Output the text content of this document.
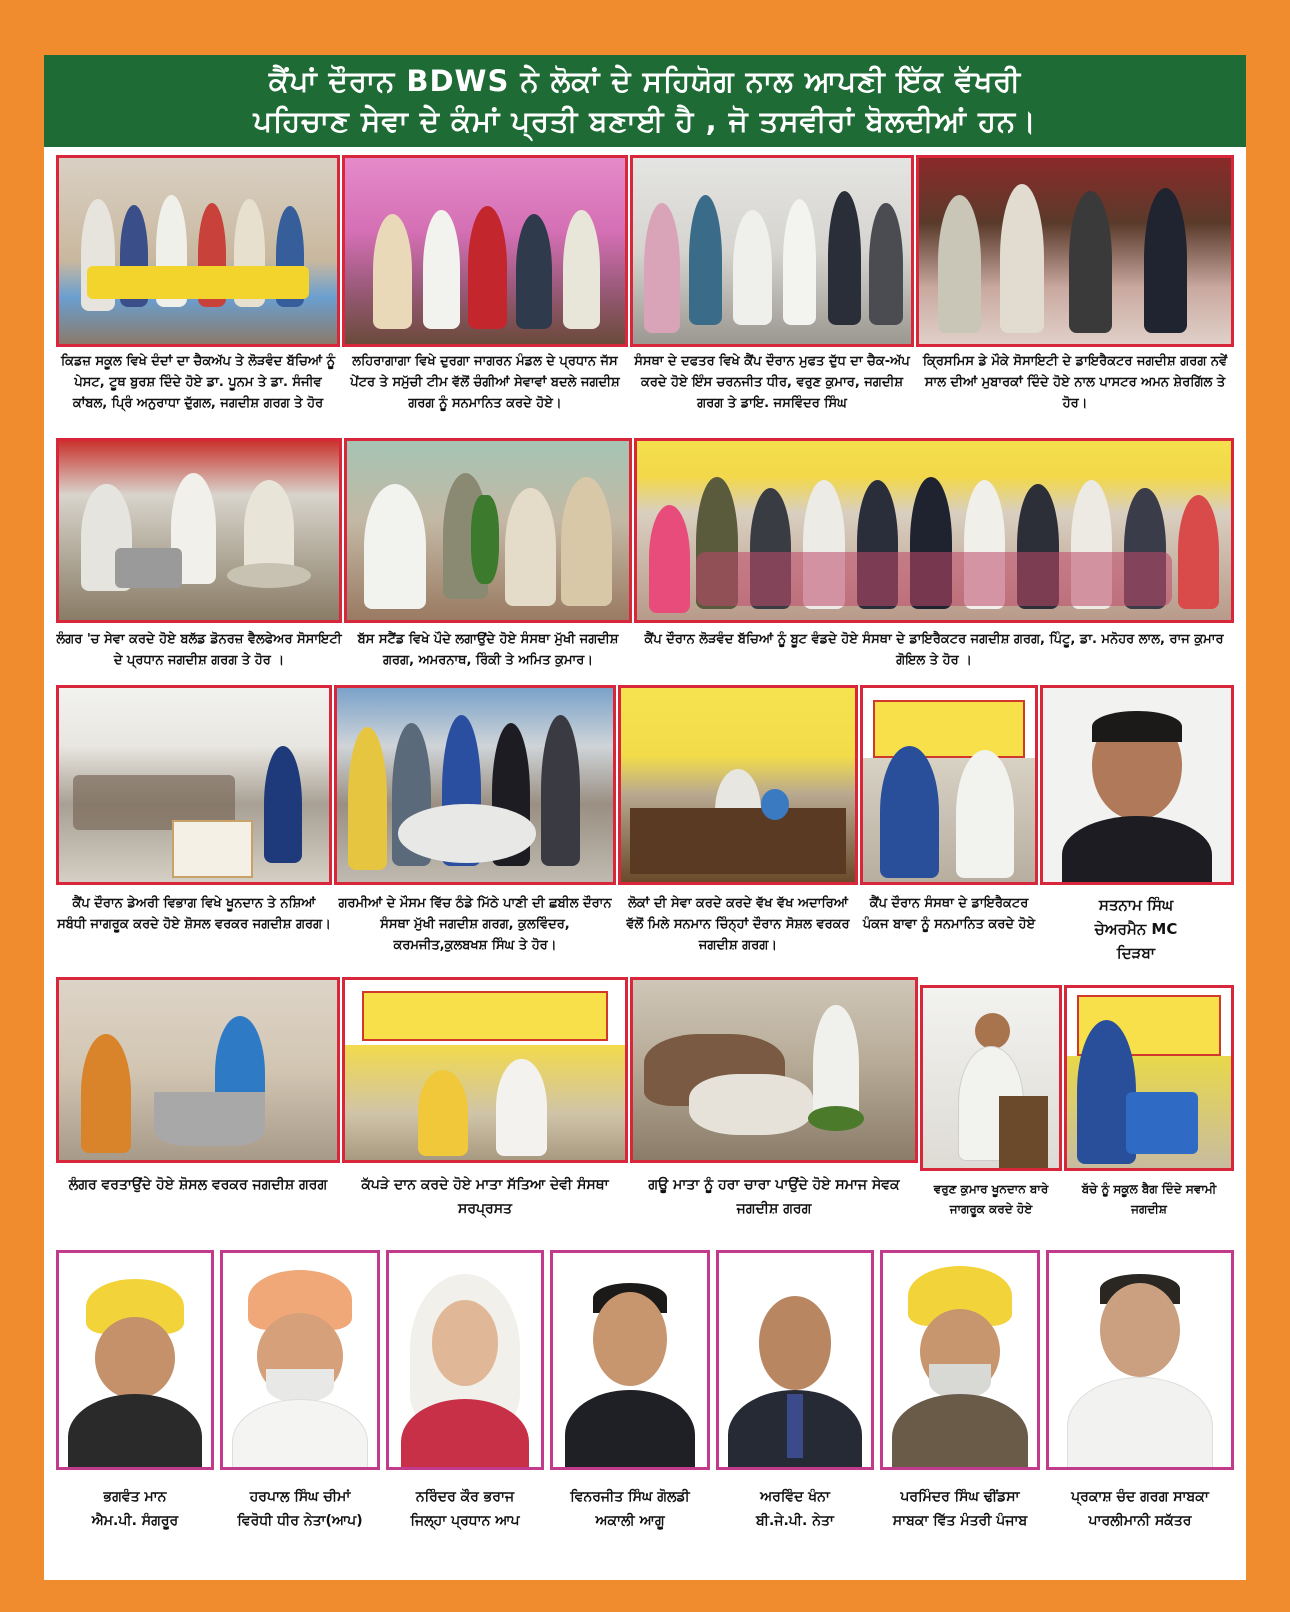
ਕੈਂਪਾਂ ਦੌਰਾਨ BDWS ਨੇ ਲੋਕਾਂ ਦੇ ਸਹਿਯੋਗ ਨਾਲ ਆਪਣੀ ਇੱਕ ਵੱਖਰੀ
ਪਹਿਚਾਣ ਸੇਵਾ ਦੇ ਕੰਮਾਂ ਪ੍ਰਤੀ ਬਣਾਈ ਹੈ , ਜੋ ਤਸਵੀਰਾਂ ਬੋਲਦੀਆਂ ਹਨ।
ਕਿਡਜ਼ ਸਕੂਲ ਵਿਖੇ ਦੰਦਾਂ ਦਾ ਚੈਕਅੱਪ ਤੇ ਲੋੜਵੰਦ ਬੱਚਿਆਂ ਨੂੰ ਪੇਸਟ, ਟੂਥ ਬੁਰਸ਼ ਦਿੰਦੇ ਹੋਏ ਡਾ. ਪੂਨਮ ਤੇ ਡਾ. ਸੰਜੀਵ ਕਾਂਬਲ, ਪ੍ਰਿੰ ਅਨੁਰਾਧਾ ਦੁੱਗਲ, ਜਗਦੀਸ਼ ਗਰਗ ਤੇ ਹੋਰ
ਲਹਿਰਾਗਾਗਾ ਵਿਖੇ ਦੁਰਗਾ ਜਾਗਰਨ ਮੰਡਲ ਦੇ ਪ੍ਰਧਾਨ ਜੱਸ ਪੇਂਟਰ ਤੇ ਸਮੁੱਚੀ ਟੀਮ ਵੱਲੋਂ ਚੰਗੀਆਂ ਸੇਵਾਵਾਂ ਬਦਲੇ ਜਗਦੀਸ਼ ਗਰਗ ਨੂੰ ਸਨਮਾਨਿਤ ਕਰਦੇ ਹੋਏ।
ਸੰਸਥਾ ਦੇ ਦਫਤਰ ਵਿਖੇ ਕੈਂਪ ਦੌਰਾਨ ਮੁਫਤ ਦੁੱਧ ਦਾ ਚੈਕ-ਅੱਪ ਕਰਦੇ ਹੋਏ ਇੰਸ ਚਰਨਜੀਤ ਧੀਰ, ਵਰੁਣ ਕੁਮਾਰ, ਜਗਦੀਸ਼ ਗਰਗ ਤੇ ਡਾਇ. ਜਸਵਿੰਦਰ ਸਿੰਘ
ਕ੍ਰਿਸਮਿਸ ਡੇ ਮੌਕੇ ਸੋਸਾਇਟੀ ਦੇ ਡਾਇਰੈਕਟਰ ਜਗਦੀਸ਼ ਗਰਗ ਨਵੇਂ ਸਾਲ ਦੀਆਂ ਮੁਬਾਰਕਾਂ ਦਿੰਦੇ ਹੋਏ ਨਾਲ ਪਾਸਟਰ ਅਮਨ ਸ਼ੇਰਗਿੱਲ ਤੇ ਹੋਰ।
ਲੰਗਰ 'ਚ ਸੇਵਾ ਕਰਦੇ ਹੋਏ ਬਲੱਡ ਡੋਨਰਜ਼ ਵੈਲਫੇਅਰ ਸੋਸਾਇਟੀ ਦੇ ਪ੍ਰਧਾਨ ਜਗਦੀਸ਼ ਗਰਗ ਤੇ ਹੋਰ ।
ਬੱਸ ਸਟੈਂਡ ਵਿਖੇ ਪੌਦੇ ਲਗਾਉਂਦੇ ਹੋਏ ਸੰਸਥਾ ਮੁੱਖੀ ਜਗਦੀਸ਼ ਗਰਗ, ਅਮਰਨਾਥ, ਰਿੰਕੀ ਤੇ ਅਮਿਤ ਕੁਮਾਰ।
ਕੈਂਪ ਦੌਰਾਨ ਲੋੜਵੰਦ ਬੱਚਿਆਂ ਨੂੰ ਬੂਟ ਵੰਡਦੇ ਹੋਏ ਸੰਸਥਾ ਦੇ ਡਾਇਰੈਕਟਰ ਜਗਦੀਸ਼ ਗਰਗ, ਪਿੰਟੂ, ਡਾ. ਮਨੋਹਰ ਲਾਲ, ਰਾਜ ਕੁਮਾਰ ਗੋਇਲ ਤੇ ਹੋਰ ।
ਕੈਂਪ ਦੌਰਾਨ ਡੇਅਰੀ ਵਿਭਾਗ ਵਿਖੇ ਖੂਨਦਾਨ ਤੇ ਨਸ਼ਿਆਂ ਸਬੰਧੀ ਜਾਗਰੂਕ ਕਰਦੇ ਹੋਏ ਸ਼ੋਸਲ ਵਰਕਰ ਜਗਦੀਸ਼ ਗਰਗ।
ਗਰਮੀਆਂ ਦੇ ਮੌਸਮ ਵਿੱਚ ਠੰਡੇ ਮਿੱਠੇ ਪਾਣੀ ਦੀ ਛਬੀਲ ਦੌਰਾਨ ਸੰਸਥਾ ਮੁੱਖੀ ਜਗਦੀਸ਼ ਗਰਗ, ਕੁਲਵਿੰਦਰ, ਕਰਮਜੀਤ,ਕੁਲਬਖਸ਼ ਸਿੰਘ ਤੇ ਹੋਰ।
ਲੋਕਾਂ ਦੀ ਸੇਵਾ ਕਰਦੇ ਕਰਦੇ ਵੱਖ ਵੱਖ ਅਦਾਰਿਆਂ ਵੱਲੋਂ ਮਿਲੇ ਸਨਮਾਨ ਚਿੰਨ੍ਹਾਂ ਦੌਰਾਨ ਸੋਸ਼ਲ ਵਰਕਰ ਜਗਦੀਸ਼ ਗਰਗ।
ਕੈਂਪ ਦੌਰਾਨ ਸੰਸਥਾ ਦੇ ਡਾਇਰੈਕਟਰ ਪੰਕਜ ਬਾਵਾ ਨੂੰ ਸਨਮਾਨਿਤ ਕਰਦੇ ਹੋਏ
ਸਤਨਾਮ ਸਿੰਘ ਚੇਅਰਮੈਨ MC ਦਿੜਬਾ
ਲੰਗਰ ਵਰਤਾਉਂਦੇ ਹੋਏ ਸ਼ੋਸਲ ਵਰਕਰ ਜਗਦੀਸ਼ ਗਰਗ	ਕੱਪੜੇ ਦਾਨ ਕਰਦੇ ਹੋਏ ਮਾਤਾ ਸੱਤਿਆ ਦੇਵੀ ਸੰਸਥਾ ਸਰਪ੍ਰਸਤ
ਗਊ ਮਾਤਾ ਨੂੰ ਹਰਾ ਚਾਰਾ ਪਾਉਂਦੇ ਹੋਏ ਸਮਾਜ ਸੇਵਕ ਜਗਦੀਸ਼ ਗਰਗ
ਵਰੁਣ ਕੁਮਾਰ ਖੂਨਦਾਨ ਬਾਰੇ ਜਾਗਰੂਕ ਕਰਦੇ ਹੋਏ
ਬੱਚੇ ਨੂੰ ਸਕੂਲ ਬੈਗ ਦਿੰਦੇ ਸਵਾਮੀ ਜਗਦੀਸ਼
ਭਗਵੰਤ ਮਾਨ
ਐਮ.ਪੀ. ਸੰਗਰੂਰ
ਹਰਪਾਲ ਸਿੰਘ ਚੀਮਾਂ
ਵਿਰੋਧੀ ਧੀਰ ਨੇਤਾ(ਆਪ)
ਨਰਿੰਦਰ ਕੌਰ ਭਰਾਜ
ਜਿਲ੍ਹਾ ਪ੍ਰਧਾਨ ਆਪ
ਵਿਨਰਜੀਤ ਸਿੰਘ ਗੋਲਡੀ
ਅਕਾਲੀ ਆਗੂ
ਅਰਵਿੰਦ ਖੰਨਾ
ਬੀ.ਜੇ.ਪੀ. ਨੇਤਾ
ਪਰਮਿੰਦਰ ਸਿੰਘ ਢੀਂਡਸਾ
ਸਾਬਕਾ ਵਿੱਤ ਮੰਤਰੀ ਪੰਜਾਬ
ਪ੍ਰਕਾਸ਼ ਚੰਦ ਗਰਗ ਸਾਬਕਾ
ਪਾਰਲੀਮਾਨੀ ਸਕੱਤਰ
12
